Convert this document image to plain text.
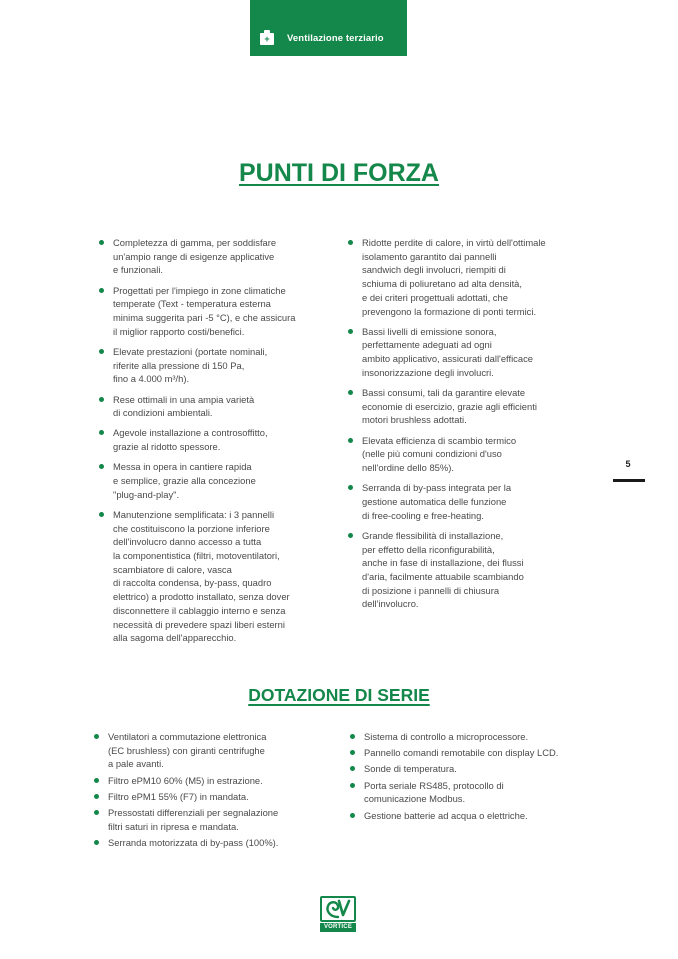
+	Ventilazione terziario
PUNTI DI FORZA
Completezza di gamma, per soddisfare
un'ampio range di esigenze applicative
e funzionali.
Progettati per l'impiego in zone climatiche
temperate (Text - temperatura esterna
minima suggerita pari -5 °C), e che assicura
il miglior rapporto costi/benefici.
Elevate prestazioni (portate nominali,
riferite alla pressione di 150 Pa,
fino a 4.000 m³/h).
Rese ottimali in una ampia varietà
di condizioni ambientali.
Agevole installazione a controsoffitto,
grazie al ridotto spessore.
Messa in opera in cantiere rapida
e semplice, grazie alla concezione
"plug-and-play".
Manutenzione semplificata: i 3 pannelli
che costituiscono la porzione inferiore
dell'involucro danno accesso a tutta
la componentistica (filtri, motoventilatori,
scambiatore di calore, vasca
di raccolta condensa, by-pass, quadro
elettrico) a prodotto installato, senza dover
disconnettere il cablaggio interno e senza
necessità di prevedere spazi liberi esterni
alla sagoma dell'apparecchio.
Ridotte perdite di calore, in virtù dell'ottimale
isolamento garantito dai pannelli
sandwich degli involucri, riempiti di
schiuma di poliuretano ad alta densità,
e dei criteri progettuali adottati, che
prevengono la formazione di ponti termici.
Bassi livelli di emissione sonora,
perfettamente adeguati ad ogni
ambito applicativo, assicurati dall'efficace
insonorizzazione degli involucri.
Bassi consumi, tali da garantire elevate
economie di esercizio, grazie agli efficienti
motori brushless adottati.
Elevata efficienza di scambio termico
(nelle più comuni condizioni d'uso
nell'ordine dello 85%).
Serranda di by-pass integrata per la
gestione automatica delle funzione
di free-cooling e free-heating.
Grande flessibilità di installazione,
per effetto della riconfigurabilità,
anche in fase di installazione, dei flussi
d'aria, facilmente attuabile scambiando
di posizione i pannelli di chiusura
dell'involucro.
5
DOTAZIONE DI SERIE
Ventilatori a commutazione elettronica
(EC brushless) con giranti centrifughe
a pale avanti.
Filtro ePM10 60% (M5) in estrazione.
Filtro ePM1 55% (F7) in mandata.
Pressostati differenziali per segnalazione
filtri saturi in ripresa e mandata.
Serranda motorizzata di by-pass (100%).
Sistema di controllo a microprocessore.
Pannello comandi remotabile con display LCD.
Sonde di temperatura.
Porta seriale RS485, protocollo di
comunicazione Modbus.
Gestione batterie ad acqua o elettriche.
VORTICE
